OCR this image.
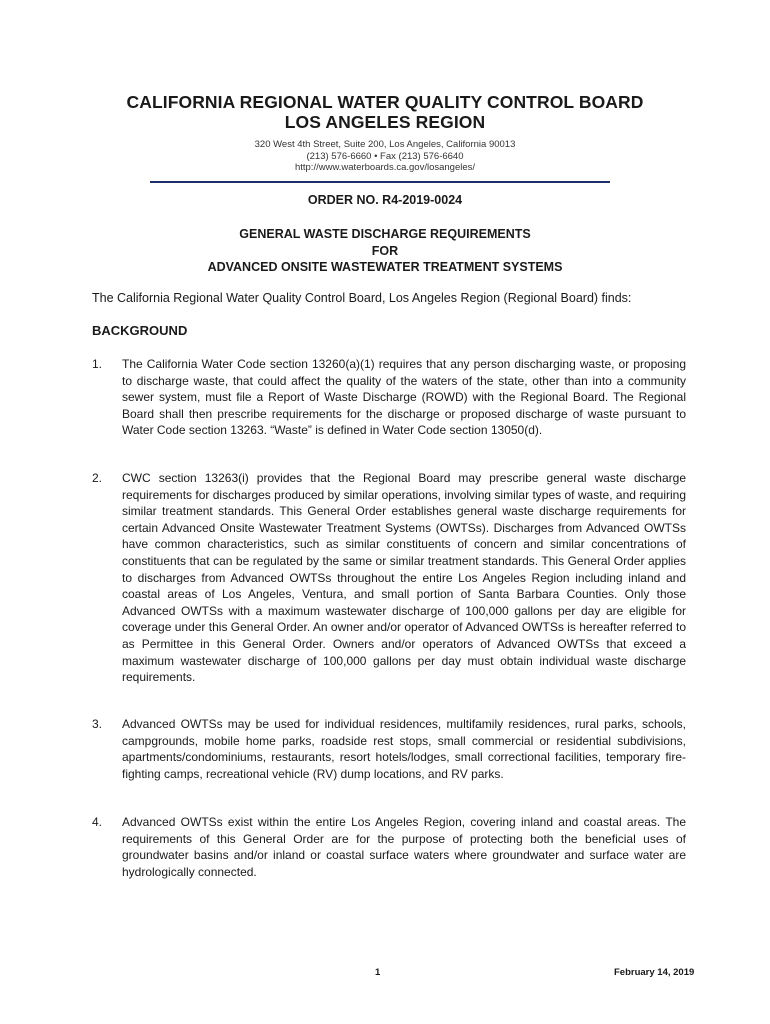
CALIFORNIA REGIONAL WATER QUALITY CONTROL BOARD
LOS ANGELES REGION
320 West 4th Street, Suite 200, Los Angeles, California 90013
(213) 576-6660 • Fax (213) 576-6640
http://www.waterboards.ca.gov/losangeles/
ORDER NO. R4-2019-0024
GENERAL WASTE DISCHARGE REQUIREMENTS
FOR
ADVANCED ONSITE WASTEWATER TREATMENT SYSTEMS
The California Regional Water Quality Control Board, Los Angeles Region (Regional Board) finds:
BACKGROUND
1.	The California Water Code section 13260(a)(1) requires that any person discharging waste, or proposing to discharge waste, that could affect the quality of the waters of the state, other than into a community sewer system, must file a Report of Waste Discharge (ROWD) with the Regional Board. The Regional Board shall then prescribe requirements for the discharge or proposed discharge of waste pursuant to Water Code section 13263. “Waste” is defined in Water Code section 13050(d).
2.	CWC section 13263(i) provides that the Regional Board may prescribe general waste discharge requirements for discharges produced by similar operations, involving similar types of waste, and requiring similar treatment standards. This General Order establishes general waste discharge requirements for certain Advanced Onsite Wastewater Treatment Systems (OWTSs). Discharges from Advanced OWTSs have common characteristics, such as similar constituents of concern and similar concentrations of constituents that can be regulated by the same or similar treatment standards. This General Order applies to discharges from Advanced OWTSs throughout the entire Los Angeles Region including inland and coastal areas of Los Angeles, Ventura, and small portion of Santa Barbara Counties. Only those Advanced OWTSs with a maximum wastewater discharge of 100,000 gallons per day are eligible for coverage under this General Order. An owner and/or operator of Advanced OWTSs is hereafter referred to as Permittee in this General Order. Owners and/or operators of Advanced OWTSs that exceed a maximum wastewater discharge of 100,000 gallons per day must obtain individual waste discharge requirements.
3.	Advanced OWTSs may be used for individual residences, multifamily residences, rural parks, schools, campgrounds, mobile home parks, roadside rest stops, small commercial or residential subdivisions, apartments/condominiums, restaurants, resort hotels/lodges, small correctional facilities, temporary fire-fighting camps, recreational vehicle (RV) dump locations, and RV parks.
4.	Advanced OWTSs exist within the entire Los Angeles Region, covering inland and coastal areas. The requirements of this General Order are for the purpose of protecting both the beneficial uses of groundwater basins and/or inland or coastal surface waters where groundwater and surface water are hydrologically connected.
1	February 14, 2019
